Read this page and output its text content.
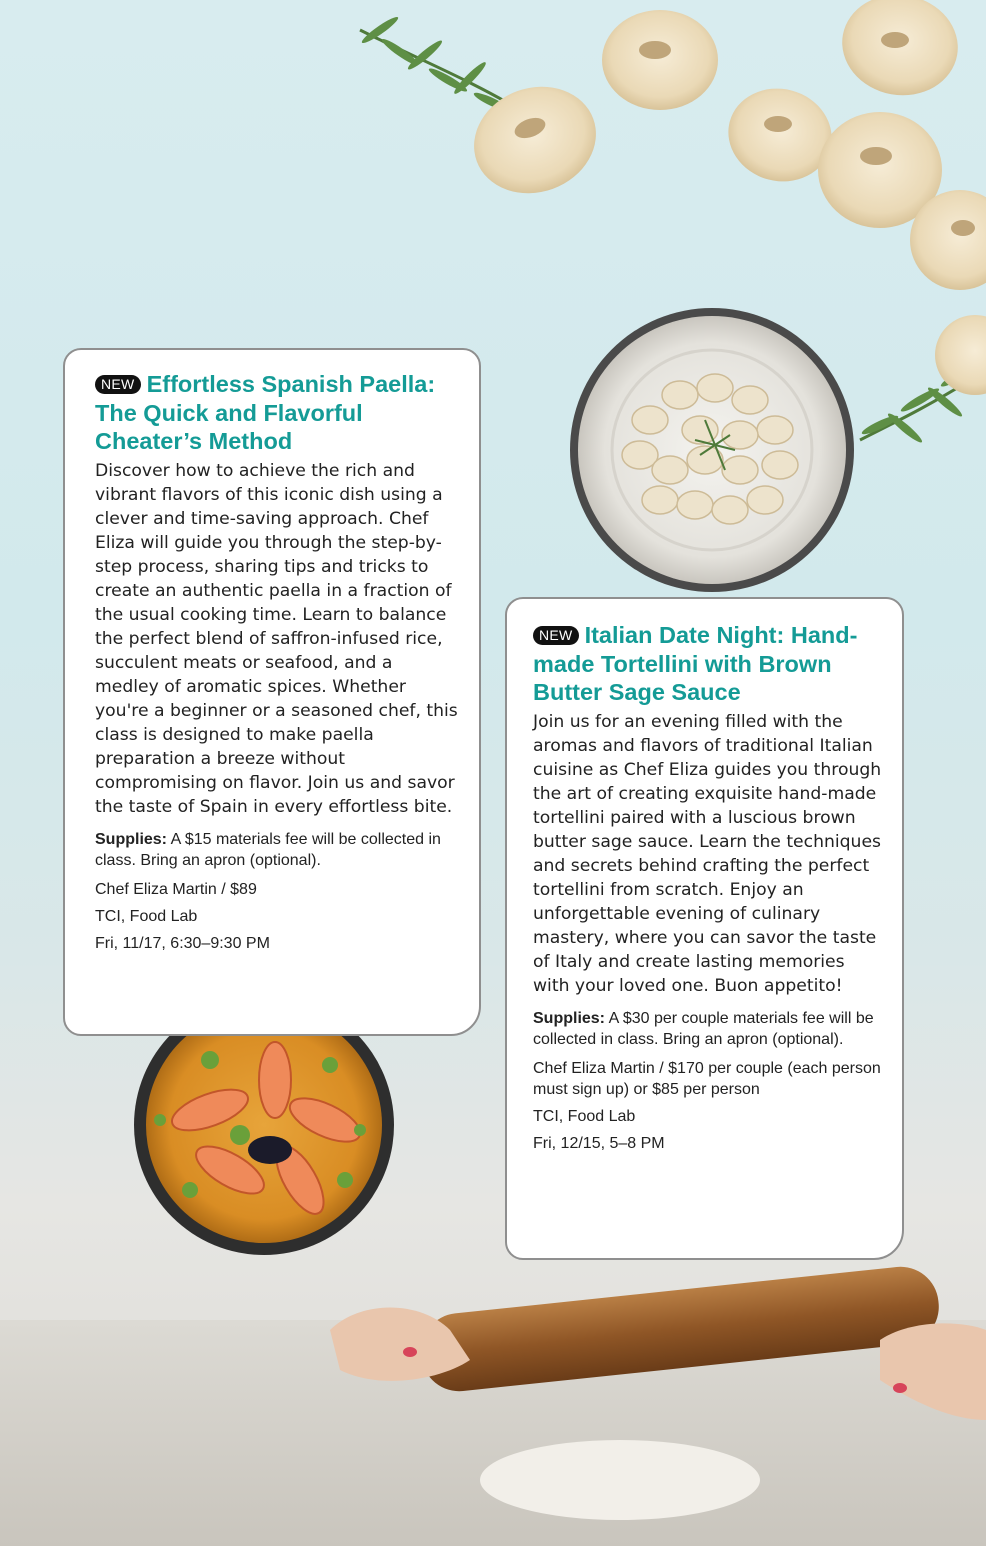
NEW Effortless Spanish Paella: The Quick and Flavorful Cheater’s Method

Discover how to achieve the rich and vibrant flavors of this iconic dish using a clever and time-saving approach. Chef Eliza will guide you through the step-by-step process, sharing tips and tricks to create an authentic paella in a fraction of the usual cooking time. Learn to balance the perfect blend of saffron-infused rice, succulent meats or seafood, and a medley of aromatic spices. Whether you're a beginner or a seasoned chef, this class is designed to make paella preparation a breeze without compromising on flavor. Join us and savor the taste of Spain in every effortless bite.

Supplies: A $15 materials fee will be collected in class. Bring an apron (optional).

Chef Eliza Martin / $89

TCI, Food Lab

Fri, 11/17, 6:30–9:30 PM

NEW Italian Date Night: Hand-made Tortellini with Brown Butter Sage Sauce

Join us for an evening filled with the aromas and flavors of traditional Italian cuisine as Chef Eliza guides you through the art of creating exquisite hand-made tortellini paired with a luscious brown butter sage sauce. Learn the techniques and secrets behind crafting the perfect tortellini from scratch. Enjoy an unforgettable evening of culinary mastery, where you can savor the taste of Italy and create lasting memories with your loved one. Buon appetito!

Supplies: A $30 per couple materials fee will be collected in class. Bring an apron (optional).

Chef Eliza Martin / $170 per couple (each person must sign up) or $85 per person

TCI, Food Lab

Fri, 12/15, 5–8 PM
